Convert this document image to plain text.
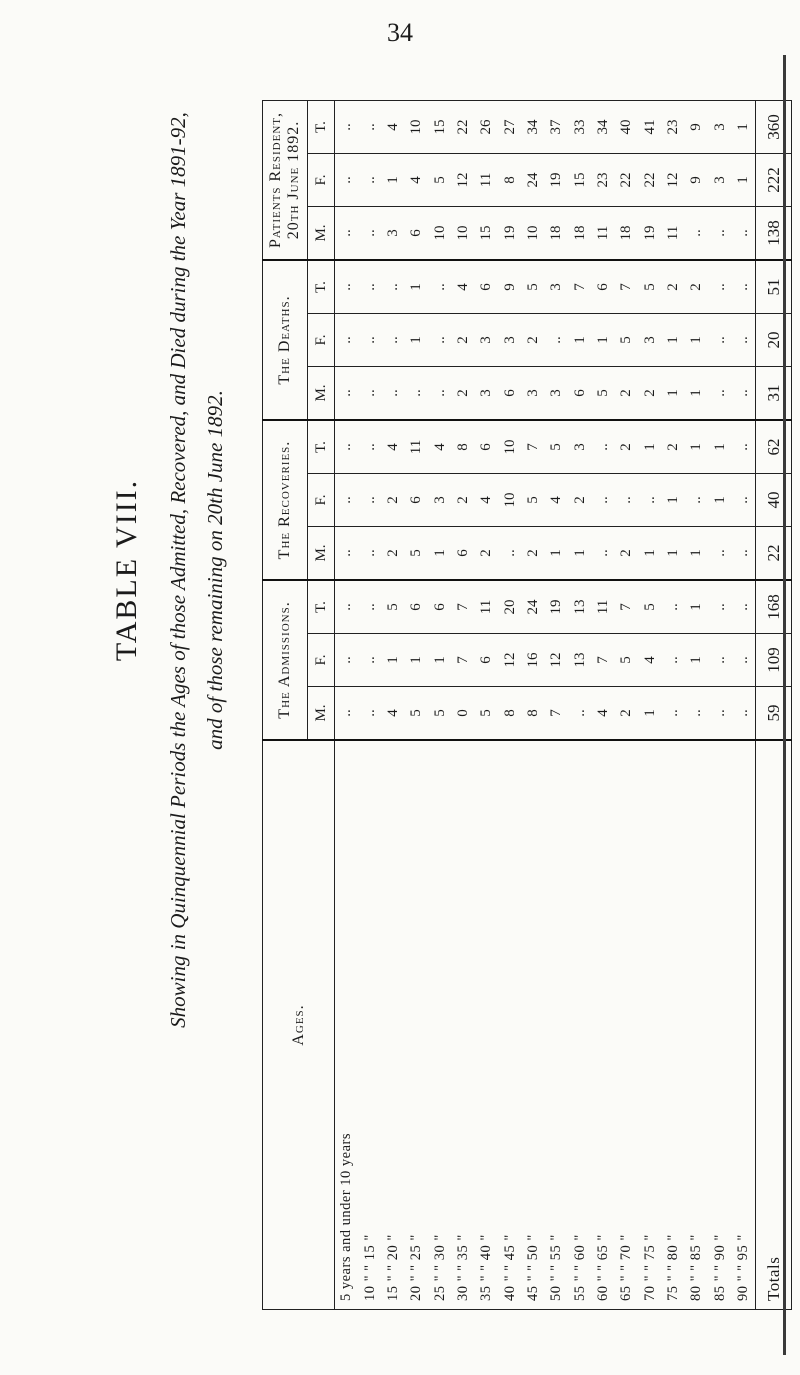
34
TABLE VIII. Showing in Quinquennial Periods the Ages of those Admitted, Recovered, and Died during the Year 1891-92, and of those remaining on 20th June 1892.
Ages.	The Admissions.			The Recoveries.			The Deaths.			Patients Resident, 20th June 1892.		
	M.	F.	T.	M.	F.	T.	M.	F.	T.	M.	F.	T.
5 years and under 10 years	..	..	..	..	..	..	..	..	..	..	..	..
10 " " 15 "	..	..	..	..	..	..	..	..	..	..	..	..
15 " " 20 "	4	1	5	2	2	4	..	..	..	3	1	4
20 " " 25 "	5	1	6	5	6	11	..	1	1	6	4	10
25 " " 30 "	5	1	6	1	3	4	..	..	..	10	5	15
30 " " 35 "	0	7	7	6	2	8	2	2	4	10	12	22
35 " " 40 "	5	6	11	2	4	6	3	3	6	15	11	26
40 " " 45 "	8	12	20	..	10	10	6	3	9	19	8	27
45 " " 50 "	8	16	24	2	5	7	3	2	5	10	24	34
50 " " 55 "	7	12	19	1	4	5	3	..	3	18	19	37
55 " " 60 "	..	13	13	1	2	3	6	1	7	18	15	33
60 " " 65 "	4	7	11	..	..	..	5	1	6	11	23	34
65 " " 70 "	2	5	7	2	..	2	2	5	7	18	22	40
70 " " 75 "	1	4	5	1	..	1	2	3	5	19	22	41
75 " " 80 "	..	..	..	1	1	2	1	1	2	11	12	23
80 " " 85 "	..	1	1	1	..	1	1	1	2	..	9	9
85 " " 90 "	..	..	..	..	1	1	..	..	..	..	3	3
90 " " 95 "	..	..	..	..	..	..	..	..	..	..	1	1
Totals	59	109	168	22	40	62	31	20	51	138	222	360
